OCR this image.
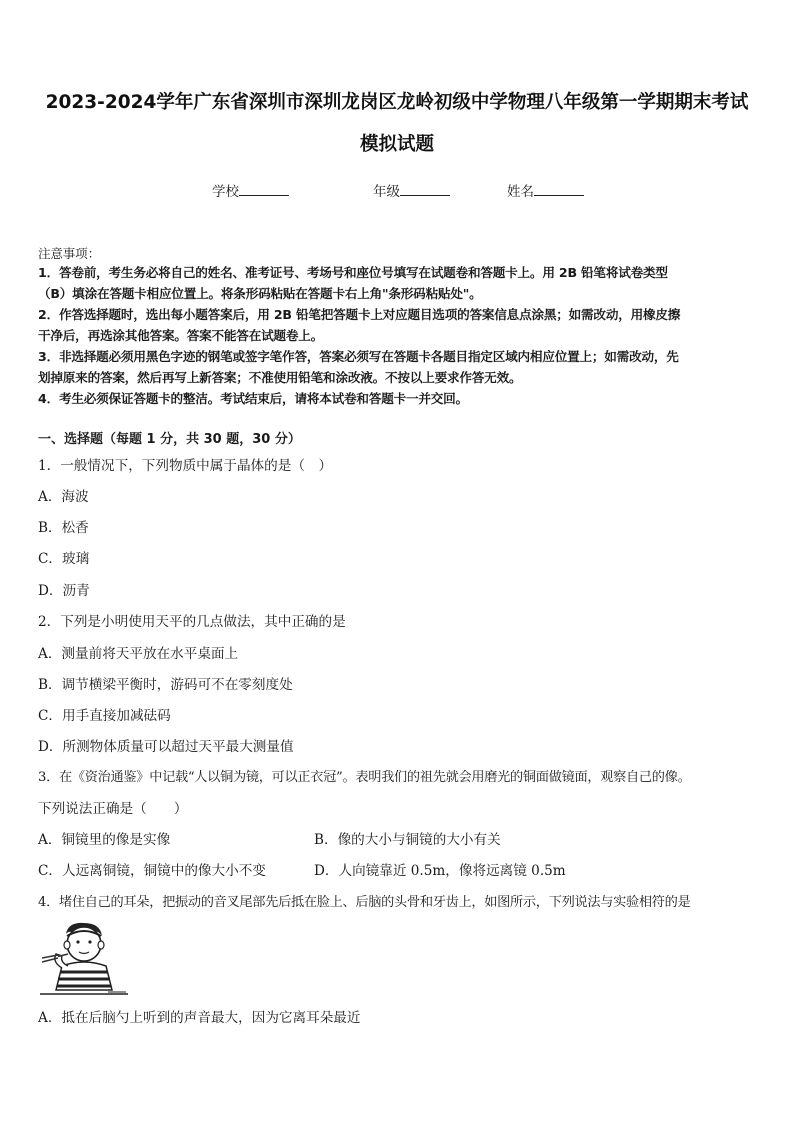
2023-2024学年广东省深圳市深圳龙岗区龙岭初级中学物理八年级第一学期期末考试
模拟试题
学校	年级	姓名
注意事项：
1．答卷前，考生务必将自己的姓名、准考证号、考场号和座位号填写在试题卷和答题卡上。用 2B 铅笔将试卷类型
（B）填涂在答题卡相应位置上。将条形码粘贴在答题卡右上角"条形码粘贴处"。
2．作答选择题时，选出每小题答案后，用 2B 铅笔把答题卡上对应题目选项的答案信息点涂黑；如需改动，用橡皮擦
干净后，再选涂其他答案。答案不能答在试题卷上。
3．非选择题必须用黑色字迹的钢笔或签字笔作答，答案必须写在答题卡各题目指定区域内相应位置上；如需改动，先
划掉原来的答案，然后再写上新答案；不准使用铅笔和涂改液。不按以上要求作答无效。
4．考生必须保证答题卡的整洁。考试结束后，请将本试卷和答题卡一并交回。
一、选择题（每题 1 分，共 30 题，30 分）
1．一般情况下，下列物质中属于晶体的是（　）
A．海波
B．松香
C．玻璃
D．沥青
2．下列是小明使用天平的几点做法，其中正确的是
A．测量前将天平放在水平桌面上
B．调节横梁平衡时，游码可不在零刻度处
C．用手直接加减砝码
D．所测物体质量可以超过天平最大测量值
3．在《资治通鉴》中记载“人以铜为镜，可以正衣冠”。表明我们的祖先就会用磨光的铜面做镜面，观察自己的像。
下列说法正确是（　　）
A．铜镜里的像是实像	B．像的大小与铜镜的大小有关
C．人远离铜镜，铜镜中的像大小不变	D．人向镜靠近 0.5m，像将远离镜 0.5m
4．堵住自己的耳朵，把振动的音叉尾部先后抵在脸上、后脑的头骨和牙齿上，如图所示，下列说法与实验相符的是
A．抵在后脑勺上听到的声音最大，因为它离耳朵最近
